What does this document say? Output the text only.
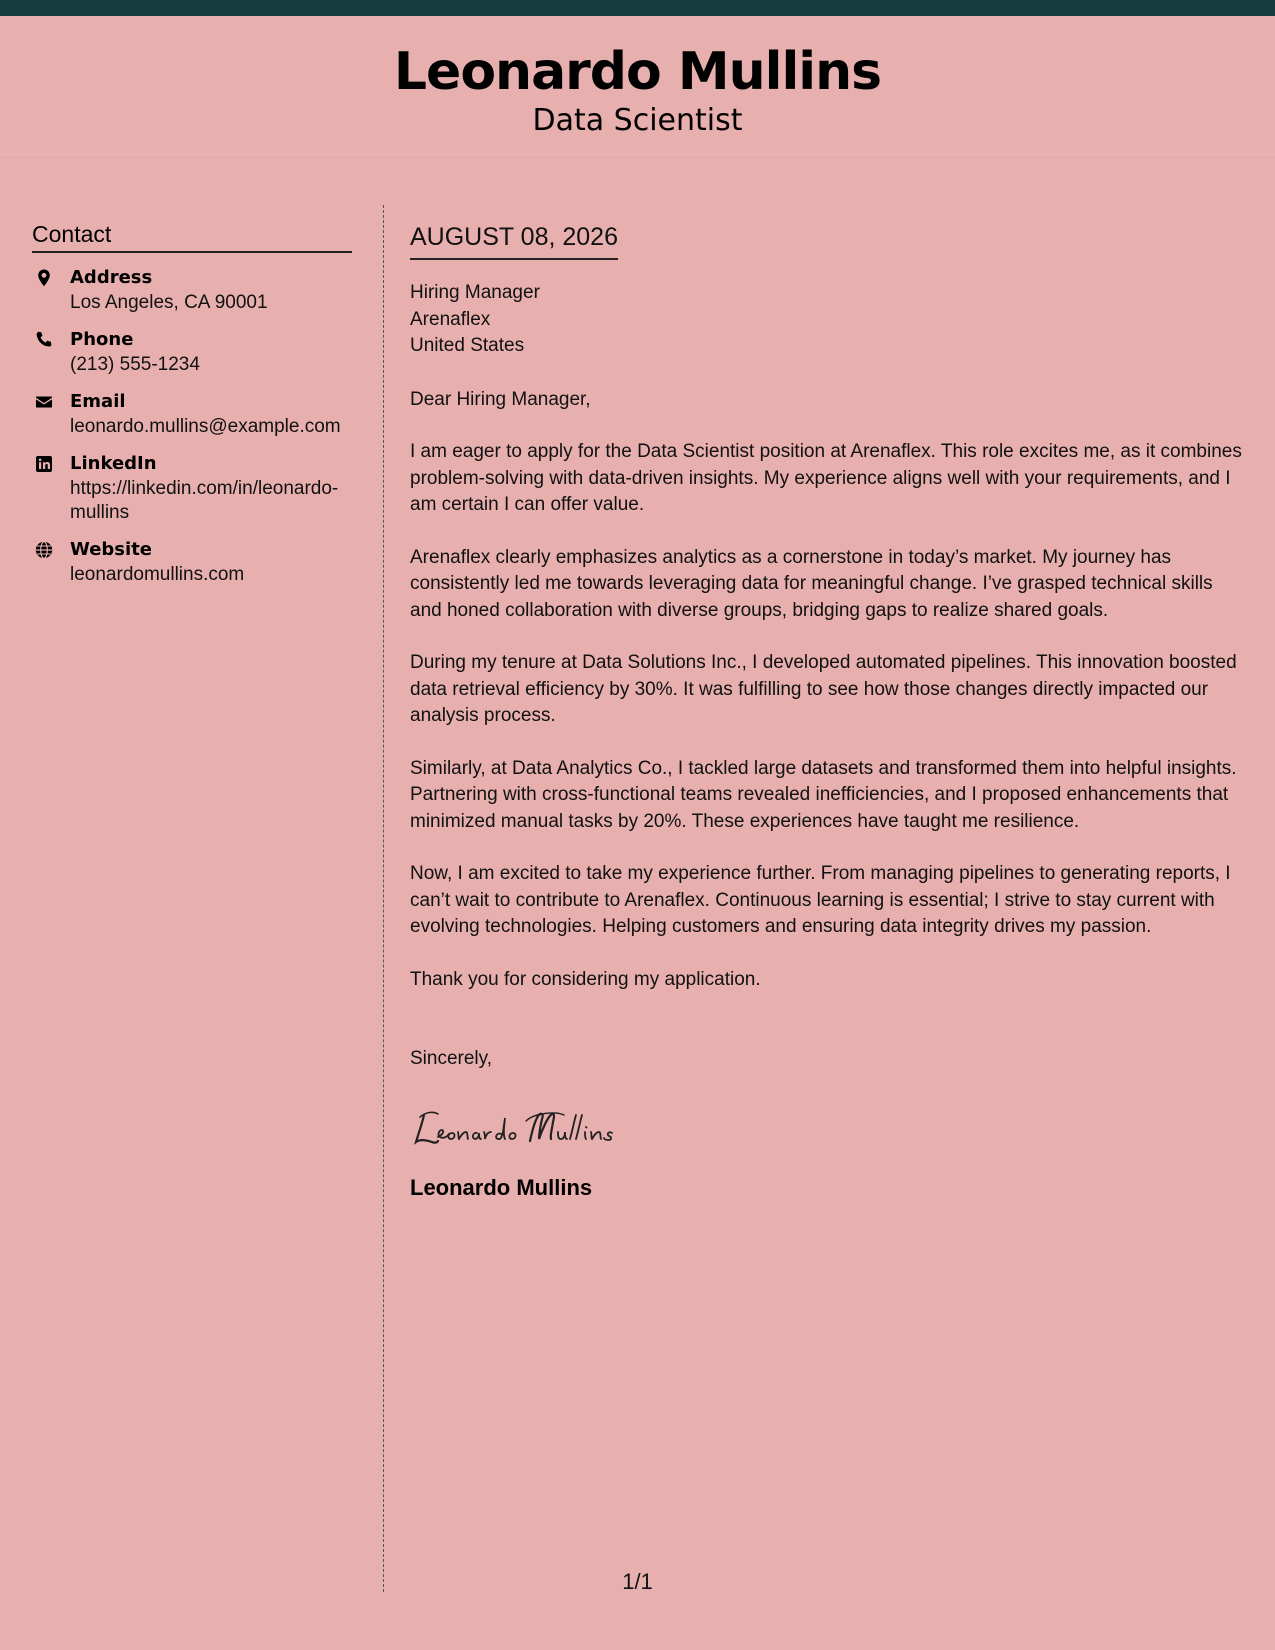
Leonardo Mullins
Data Scientist
Contact
Address
Los Angeles, CA 90001
Phone
(213) 555-1234
Email
leonardo.mullins@example.com
LinkedIn
https://linkedin.com/in/leonardo-mullins
Website
leonardomullins.com
AUGUST 08, 2026
Hiring Manager
Arenaflex
United States
Dear Hiring Manager,

I am eager to apply for the Data Scientist position at Arenaflex. This role excites me, as it combines problem-solving with data-driven insights. My experience aligns well with your requirements, and I am certain I can offer value.

Arenaflex clearly emphasizes analytics as a cornerstone in today’s market. My journey has consistently led me towards leveraging data for meaningful change. I’ve grasped technical skills and honed collaboration with diverse groups, bridging gaps to realize shared goals.

During my tenure at Data Solutions Inc., I developed automated pipelines. This innovation boosted data retrieval efficiency by 30%. It was fulfilling to see how those changes directly impacted our analysis process.

Similarly, at Data Analytics Co., I tackled large datasets and transformed them into helpful insights. Partnering with cross-functional teams revealed inefficiencies, and I proposed enhancements that minimized manual tasks by 20%. These experiences have taught me resilience.

Now, I am excited to take my experience further. From managing pipelines to generating reports, I can’t wait to contribute to Arenaflex. Continuous learning is essential; I strive to stay current with evolving technologies. Helping customers and ensuring data integrity drives my passion.

Thank you for considering my application.

Sincerely,
Leonardo Mullins
1/1
